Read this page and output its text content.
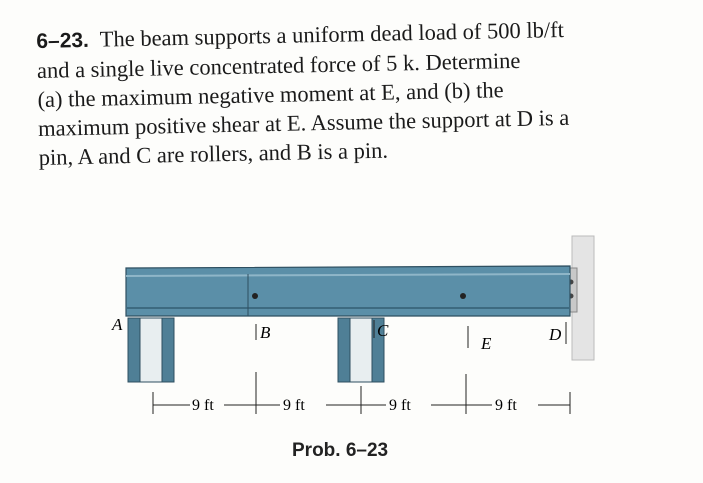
6–23. The beam supports a uniform dead load of 500 lb/ft
and a single live concentrated force of 5 k. Determine
(a) the maximum negative moment at E, and (b) the
maximum positive shear at E. Assume the support at D is a
pin, A and C are rollers, and B is a pin.
A	B	C
E	D
9 ft	9 ft	9 ft	9 ft
Prob. 6–23
